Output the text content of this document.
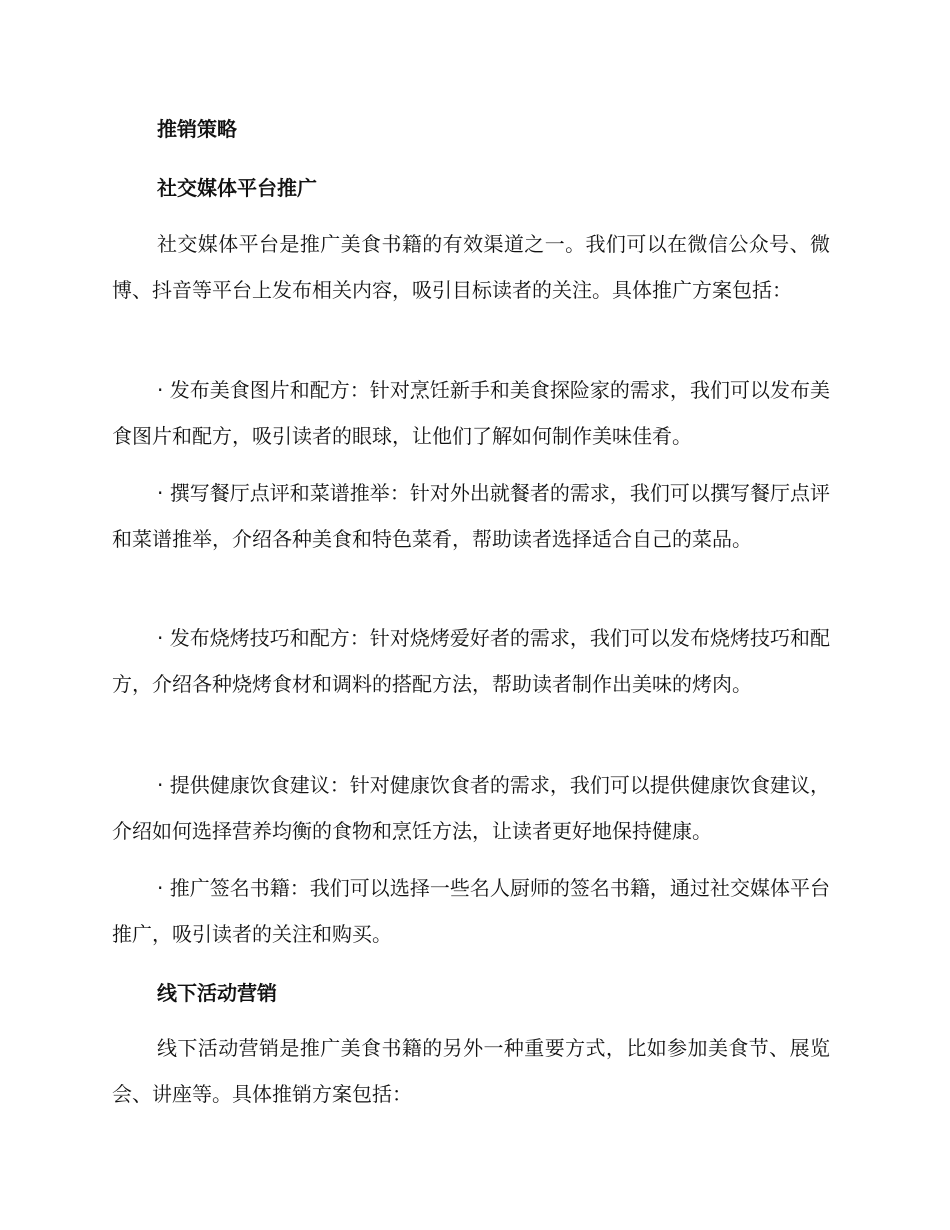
推销策略
社交媒体平台推广

社交媒体平台是推广美食书籍的有效渠道之一。我们可以在微信公众号、微博、抖音等平台上发布相关内容，吸引目标读者的关注。具体推广方案包括：

· 发布美食图片和配方：针对烹饪新手和美食探险家的需求，我们可以发布美食图片和配方，吸引读者的眼球，让他们了解如何制作美味佳肴。

· 撰写餐厅点评和菜谱推举：针对外出就餐者的需求，我们可以撰写餐厅点评和菜谱推举，介绍各种美食和特色菜肴，帮助读者选择适合自己的菜品。

· 发布烧烤技巧和配方：针对烧烤爱好者的需求，我们可以发布烧烤技巧和配方，介绍各种烧烤食材和调料的搭配方法，帮助读者制作出美味的烤肉。

· 提供健康饮食建议：针对健康饮食者的需求，我们可以提供健康饮食建议，介绍如何选择营养均衡的食物和烹饪方法，让读者更好地保持健康。

· 推广签名书籍：我们可以选择一些名人厨师的签名书籍，通过社交媒体平台推广，吸引读者的关注和购买。

线下活动营销

线下活动营销是推广美食书籍的另外一种重要方式，比如参加美食节、展览会、讲座等。具体推销方案包括：
